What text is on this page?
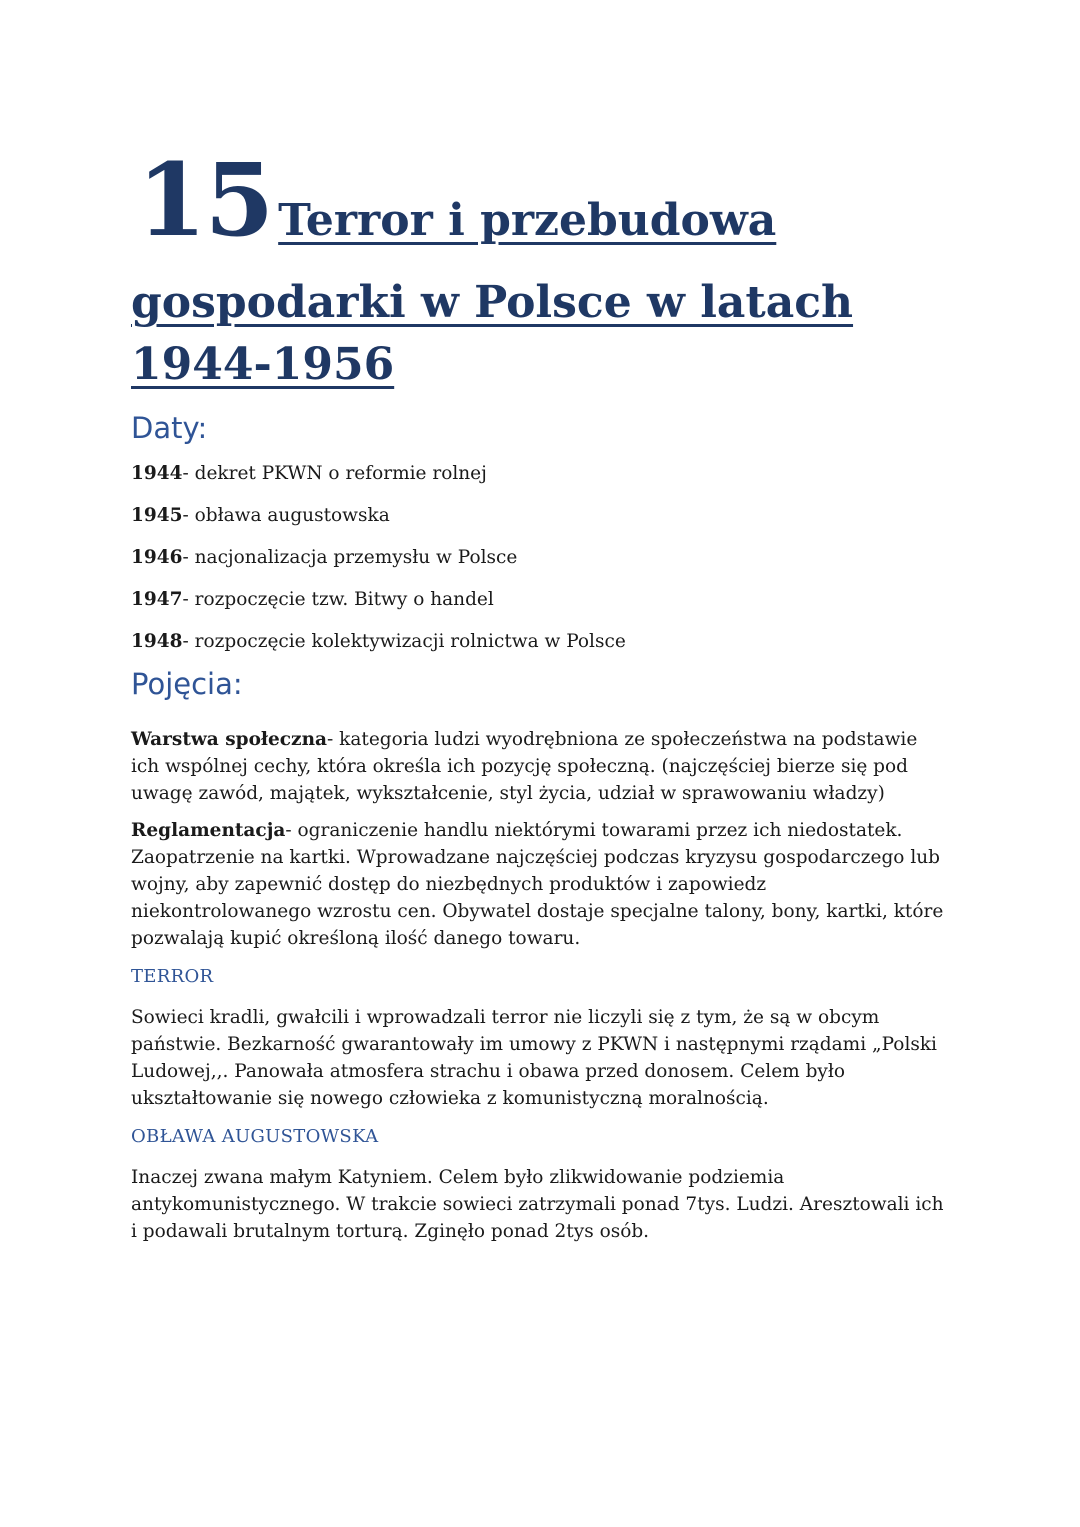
15 Terror i przebudowa
gospodarki w Polsce w latach
1944-1956
Daty:
1944- dekret PKWN o reformie rolnej
1945- obława augustowska
1946- nacjonalizacja przemysłu w Polsce
1947- rozpoczęcie tzw. Bitwy o handel
1948- rozpoczęcie kolektywizacji rolnictwa w Polsce
Pojęcia:

Warstwa społeczna- kategoria ludzi wyodrębniona ze społeczeństwa na podstawie ich wspólnej cechy, która określa ich pozycję społeczną. (najczęściej bierze się pod uwagę zawód, majątek, wykształcenie, styl życia, udział w sprawowaniu władzy)

Reglamentacja- ograniczenie handlu niektórymi towarami przez ich niedostatek. Zaopatrzenie na kartki. Wprowadzane najczęściej podczas kryzysu gospodarczego lub wojny, aby zapewnić dostęp do niezbędnych produktów i zapowiedz niekontrolowanego wzrostu cen. Obywatel dostaje specjalne talony, bony, kartki, które pozwalają kupić określoną ilość danego towaru.

TERROR

Sowieci kradli, gwałcili i wprowadzali terror nie liczyli się z tym, że są w obcym państwie. Bezkarność gwarantowały im umowy z PKWN i następnymi rządami „Polski Ludowej,,. Panowała atmosfera strachu i obawa przed donosem. Celem było ukształtowanie się nowego człowieka z komunistyczną moralnością.

OBŁAWA AUGUSTOWSKA

Inaczej zwana małym Katyniem. Celem było zlikwidowanie podziemia antykomunistycznego. W trakcie sowieci zatrzymali ponad 7tys. Ludzi. Aresztowali ich i podawali brutalnym torturą. Zginęło ponad 2tys osób.
